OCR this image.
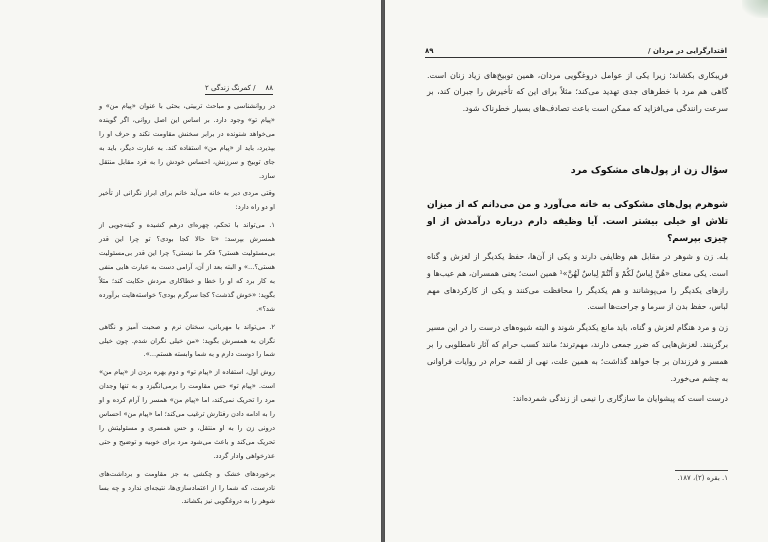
۸۸
/ کمرنگ زندگی ۲

در روانشناسی و مباحث تربیتی، بحثی با عنوان «پیام من» و «پیام تو» وجود دارد. بر اساس این اصل روانی، اگر گوینده می‌خواهد شنونده در برابر سخنش مقاومت نکند و حرف او را بپذیرد، باید از «پیام من» استفاده کند. به عبارت دیگر، باید به جای توبیخ و سرزنش، احساس خودش را به فرد مقابل منتقل سازد.

وقتی مردی دیر به خانه می‌آید خانم برای ابراز نگرانی از تأخیر او دو راه دارد:

۱. می‌تواند با تحکم، چهره‌ای درهم کشیده و کینه‌جویی از همسرش بپرسد: «تا حالا کجا بودی؟ تو چرا این قدر بی‌مسئولیت هستی؟ فکر ما نیستی؟ چرا این قدر بی‌مسئولیت هستی؟...» و البته بعد از آن، آرامی دست به عبارت هایی منفی به کار برد که او را خطا و خطاکاری مردش حکایت کند؛ مثلاً بگوید: «خوش گذشت؟ کجا سرگرم بودی؟ خواسته‌هایت برآورده شد؟».

۲. می‌تواند با مهربانی، سخنان نرم و صحبت آمیز و نگاهی نگران به همسرش بگوید: «من خیلی نگران شدم. چون خیلی شما را دوست دارم و به شما وابسته هستم...».

روش اول، استفاده از «پیام تو» و دوم بهره بردن از «پیام من» است. «پیام تو» حس مقاومت را برمی‌انگیزد و به تنها وجدان مرد را تحریک نمی‌کند، اما «پیام من» همسر را آرام کرده و او را به ادامه دادن رفتارش ترغیب می‌کند؛ اما «پیام من» احساس درونی زن را به او منتقل، و حس همسری و مسئولیتش را تحریک می‌کند و باعث می‌شود مرد برای خوبیه و توضیح و حتی عذرخواهی وادار گردد.

برخوردهای خشک و چکشی به جز مقاومت و برداشت‌های نادرست، که شما را از اعتمادسازی‌ها، نتیجه‌ای ندارد و چه بسا شوهر را به دروغگویی نیز بکشاند.

اقتدارگرایی در مردان /
۸۹
فریبکاری بکشاند؛ زیرا یکی از عوامل دروغگویی مردان، همین توبیخ‌های زیاد زنان است. گاهی هم مرد با خطرهای جدی تهدید می‌کند؛ مثلاً برای این که تأخیرش را جبران کند، بر سرعت رانندگی می‌افزاید که ممکن است باعث تصادف‌های بسیار خطرناک شود.
سؤال زن از پول‌های مشکوک مرد
شوهرم پول‌های مشکوکی به خانه می‌آورد و من می‌دانم که از میزان تلاش او خیلی بیشتر است. آیا وظیفه دارم درباره درآمدش از او چیزی بپرسم؟

بله. زن و شوهر در مقابل هم وظایفی دارند و یکی از آن‌ها، حفظ یکدیگر از لغزش و گناه است. یکی معنای «هُنَّ لِباسٌ لَكُمْ وَ أَنْتُمْ لِباسٌ لَهُنَّ»¹ همین است؛ یعنی همسران، هم عیب‌ها و رازهای یکدیگر را می‌پوشانند و هم یکدیگر را محافظت می‌کنند و یکی از کارکردهای مهم لباس، حفظ بدن از سرما و جراحت‌ها است.

زن و مرد هنگام لغزش و گناه، باید مانع یکدیگر شوند و البته شیوه‌های درست را در این مسیر برگزینند. لغزش‌هایی که ضرر جمعی دارند، مهم‌ترند؛ مانند کسب حرام که آثار نامطلوبی را بر همسر و فرزندان بر جا خواهد گذاشت؛ به همین علت، نهی از لقمه حرام در روایات فراوانی به چشم می‌خورد.

درست است که پیشوایان ما سازگاری را نیمی از زندگی شمرده‌اند:

۱. بقره (۲)، ۱۸۷.
